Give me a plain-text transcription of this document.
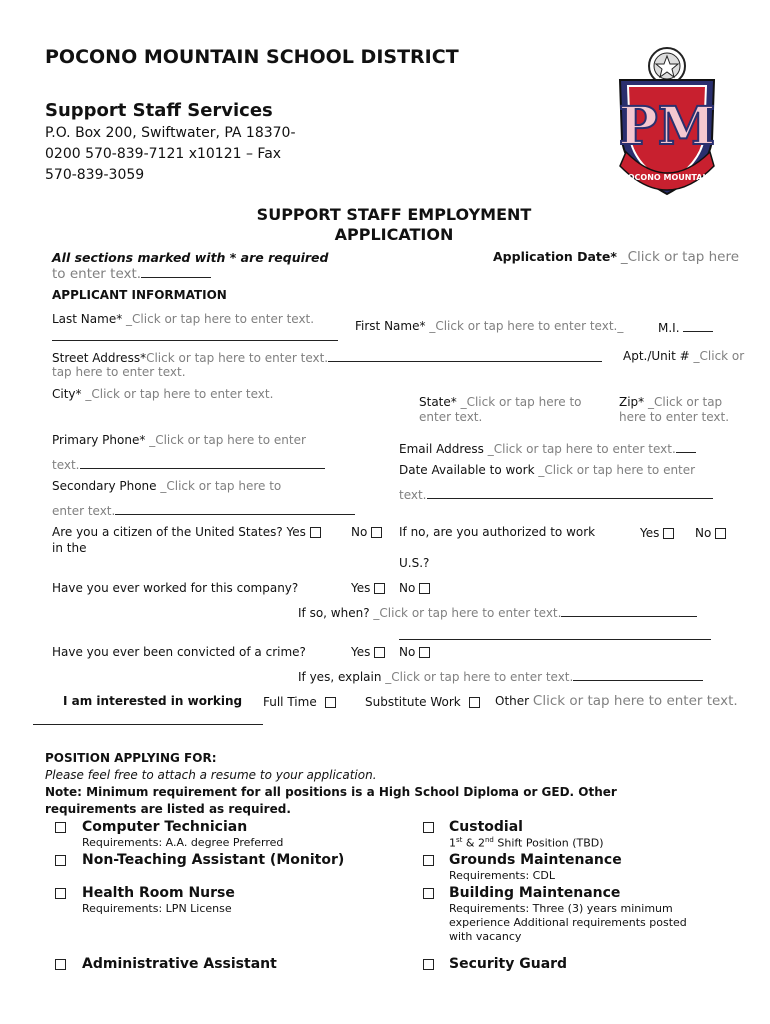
POCONO MOUNTAIN SCHOOL DISTRICT
Support Staff Services
P.O. Box 200, Swiftwater, PA 18370-
0200 570-839-7121 x10121 – Fax
570-839-3059
PM
POCONO MOUNTAIN
SUPPORT STAFF EMPLOYMENT
APPLICATION
All sections marked with * are required	Application Date* _Click or tap here
to enter text.
APPLICANT INFORMATION
Last Name* _Click or tap here to enter text.	First Name* _Click or tap here to enter text._	M.I.
Street Address*Click or tap here to enter text.	Apt./Unit # _Click or
tap here to enter text.
City* _Click or tap here to enter text.
State* _Click or tap here to
enter text.
Zip* _Click or tap
here to enter text.
Primary Phone* _Click or tap here to enter
text.
Email Address _Click or tap here to enter text.
Date Available to work _Click or tap here to enter
text.
Secondary Phone _Click or tap here to
enter text.
Are you a citizen of the United States? Yes	No
in the
If no, are you authorized to work
U.S.?
Yes	No
Have you ever worked for this company?	Yes	No
If so, when? _Click or tap here to enter text.
Have you ever been convicted of a crime?	Yes	No
If yes, explain _Click or tap here to enter text.
I am interested in working Full Time	Substitute Work	Other Click or tap here to enter text.
POSITION APPLYING FOR:
Please feel free to attach a resume to your application.
Note: Minimum requirement for all positions is a High School Diploma or GED. Other
requirements are listed as required.
Computer Technician
Requirements: A.A. degree Preferred
Non-Teaching Assistant (Monitor)
Health Room Nurse
Requirements: LPN License
Administrative Assistant
Custodial
1st & 2nd Shift Position (TBD)
Grounds Maintenance
Requirements: CDL
Building Maintenance
Requirements: Three (3) years minimum
experience Additional requirements posted
with vacancy
Security Guard
